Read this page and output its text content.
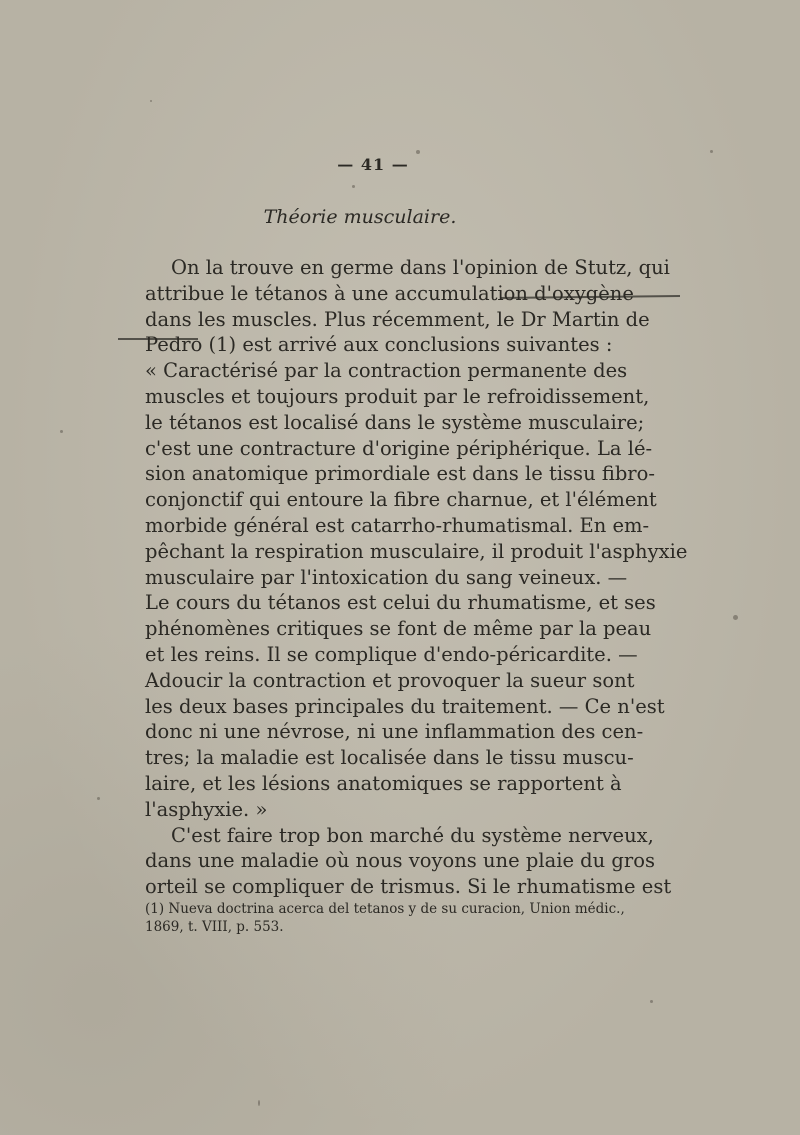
— 41 —
Théorie musculaire.
On la trouve en germe dans l'opinion de Stutz, qui
attribue le tétanos à une accumulation d'oxygène
dans les muscles. Plus récemment, le Dr Martin de
Pedro (1) est arrivé aux conclusions suivantes :
« Caractérisé par la contraction permanente des
muscles et toujours produit par le refroidissement,
le tétanos est localisé dans le système musculaire;
c'est une contracture d'origine périphérique. La lé-
sion anatomique primordiale est dans le tissu fibro-
conjonctif qui entoure la fibre charnue, et l'élément
morbide général est catarrho-rhumatismal. En em-
pêchant la respiration musculaire, il produit l'asphyxie
musculaire par l'intoxication du sang veineux. —
Le cours du tétanos est celui du rhumatisme, et ses
phénomènes critiques se font de même par la peau
et les reins. Il se complique d'endo-péricardite. —
Adoucir la contraction et provoquer la sueur sont
les deux bases principales du traitement. — Ce n'est
donc ni une névrose, ni une inflammation des cen-
tres; la maladie est localisée dans le tissu muscu-
laire, et les lésions anatomiques se rapportent à
l'asphyxie. »
C'est faire trop bon marché du système nerveux,
dans une maladie où nous voyons une plaie du gros
orteil se compliquer de trismus. Si le rhumatisme est
(1) Nueva doctrina acerca del tetanos y de su curacion, Union médic.,
1869, t. VIII, p. 553.
